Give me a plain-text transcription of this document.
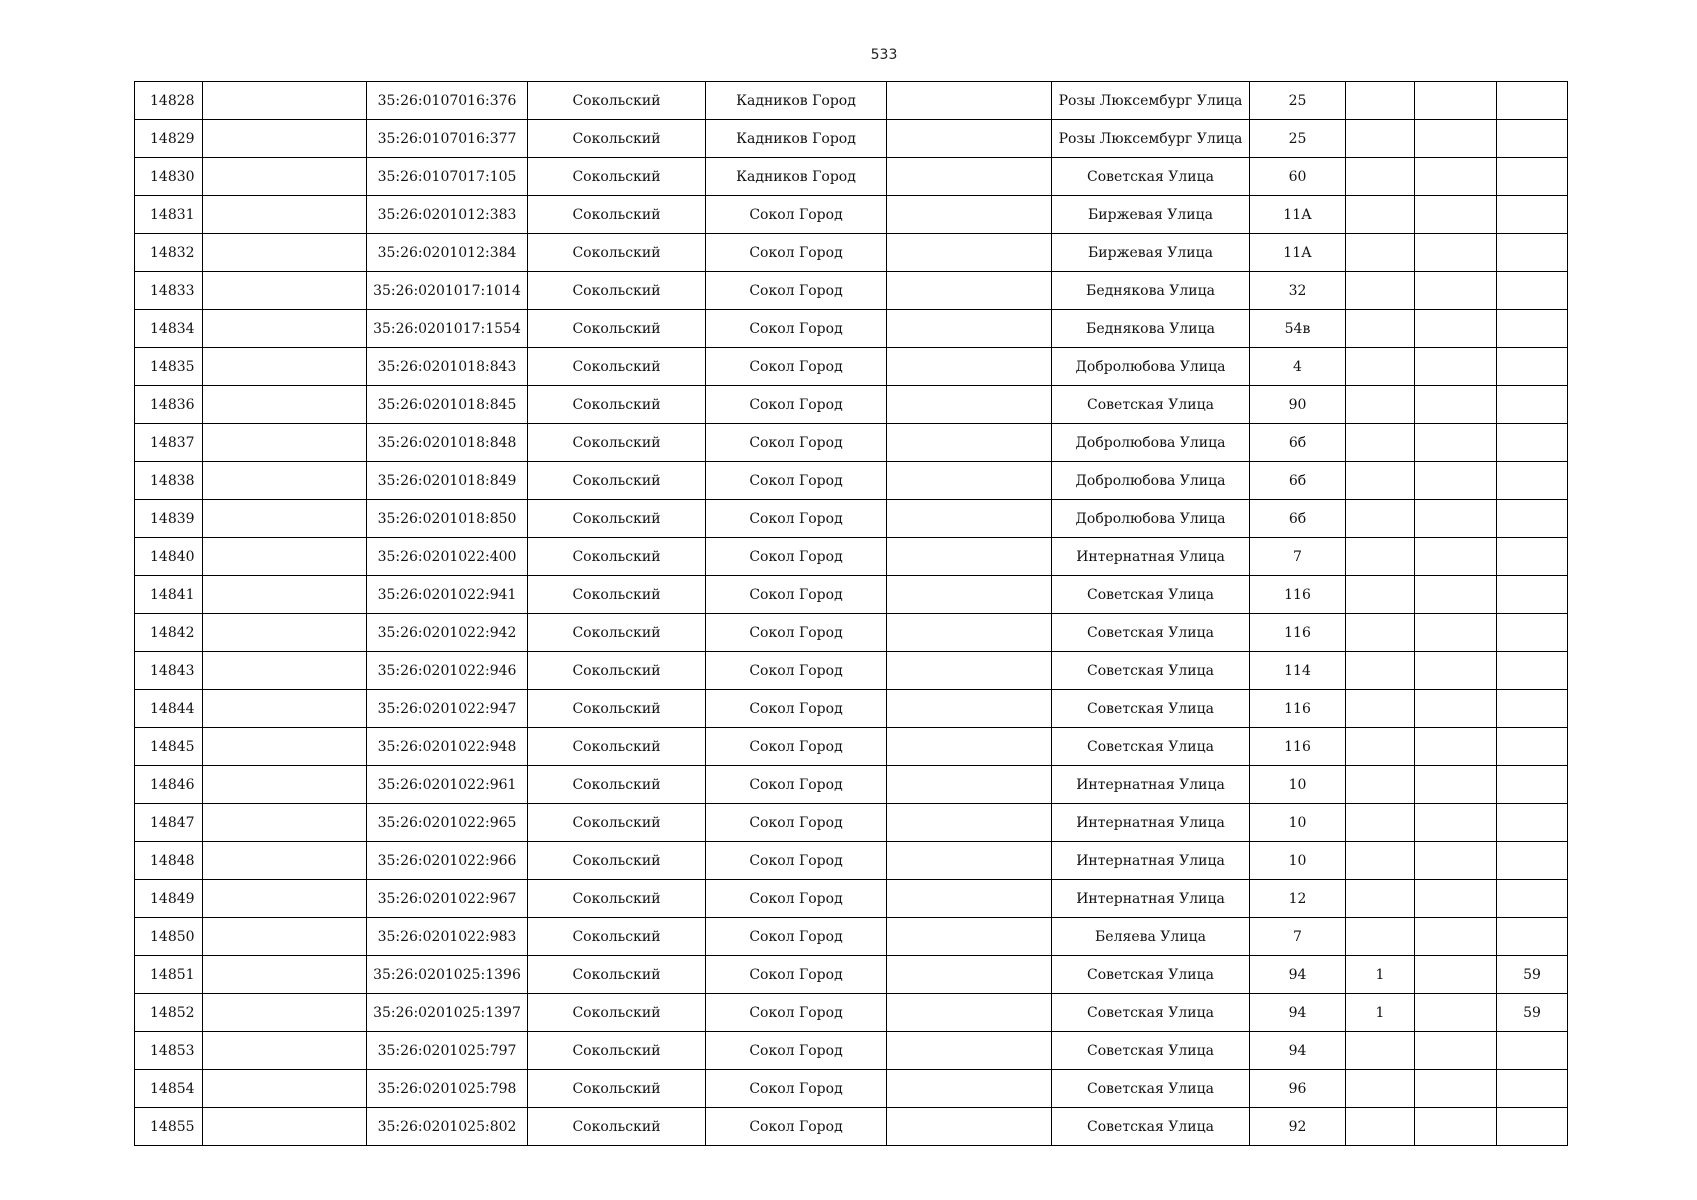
533
14828		35:26:0107016:376	Сокольский	Кадников Город		Розы Люксембург Улица	25			
14829		35:26:0107016:377	Сокольский	Кадников Город		Розы Люксембург Улица	25			
14830		35:26:0107017:105	Сокольский	Кадников Город		Советская Улица	60			
14831		35:26:0201012:383	Сокольский	Сокол Город		Биржевая Улица	11А			
14832		35:26:0201012:384	Сокольский	Сокол Город		Биржевая Улица	11А			
14833		35:26:0201017:1014	Сокольский	Сокол Город		Беднякова Улица	32			
14834		35:26:0201017:1554	Сокольский	Сокол Город		Беднякова Улица	54в			
14835		35:26:0201018:843	Сокольский	Сокол Город		Добролюбова Улица	4			
14836		35:26:0201018:845	Сокольский	Сокол Город		Советская Улица	90			
14837		35:26:0201018:848	Сокольский	Сокол Город		Добролюбова Улица	6б			
14838		35:26:0201018:849	Сокольский	Сокол Город		Добролюбова Улица	6б			
14839		35:26:0201018:850	Сокольский	Сокол Город		Добролюбова Улица	6б			
14840		35:26:0201022:400	Сокольский	Сокол Город		Интернатная Улица	7			
14841		35:26:0201022:941	Сокольский	Сокол Город		Советская Улица	116			
14842		35:26:0201022:942	Сокольский	Сокол Город		Советская Улица	116			
14843		35:26:0201022:946	Сокольский	Сокол Город		Советская Улица	114			
14844		35:26:0201022:947	Сокольский	Сокол Город		Советская Улица	116			
14845		35:26:0201022:948	Сокольский	Сокол Город		Советская Улица	116			
14846		35:26:0201022:961	Сокольский	Сокол Город		Интернатная Улица	10			
14847		35:26:0201022:965	Сокольский	Сокол Город		Интернатная Улица	10			
14848		35:26:0201022:966	Сокольский	Сокол Город		Интернатная Улица	10			
14849		35:26:0201022:967	Сокольский	Сокол Город		Интернатная Улица	12			
14850		35:26:0201022:983	Сокольский	Сокол Город		Беляева Улица	7			
14851		35:26:0201025:1396	Сокольский	Сокол Город		Советская Улица	94	1		59
14852		35:26:0201025:1397	Сокольский	Сокол Город		Советская Улица	94	1		59
14853		35:26:0201025:797	Сокольский	Сокол Город		Советская Улица	94			
14854		35:26:0201025:798	Сокольский	Сокол Город		Советская Улица	96			
14855		35:26:0201025:802	Сокольский	Сокол Город		Советская Улица	92			
